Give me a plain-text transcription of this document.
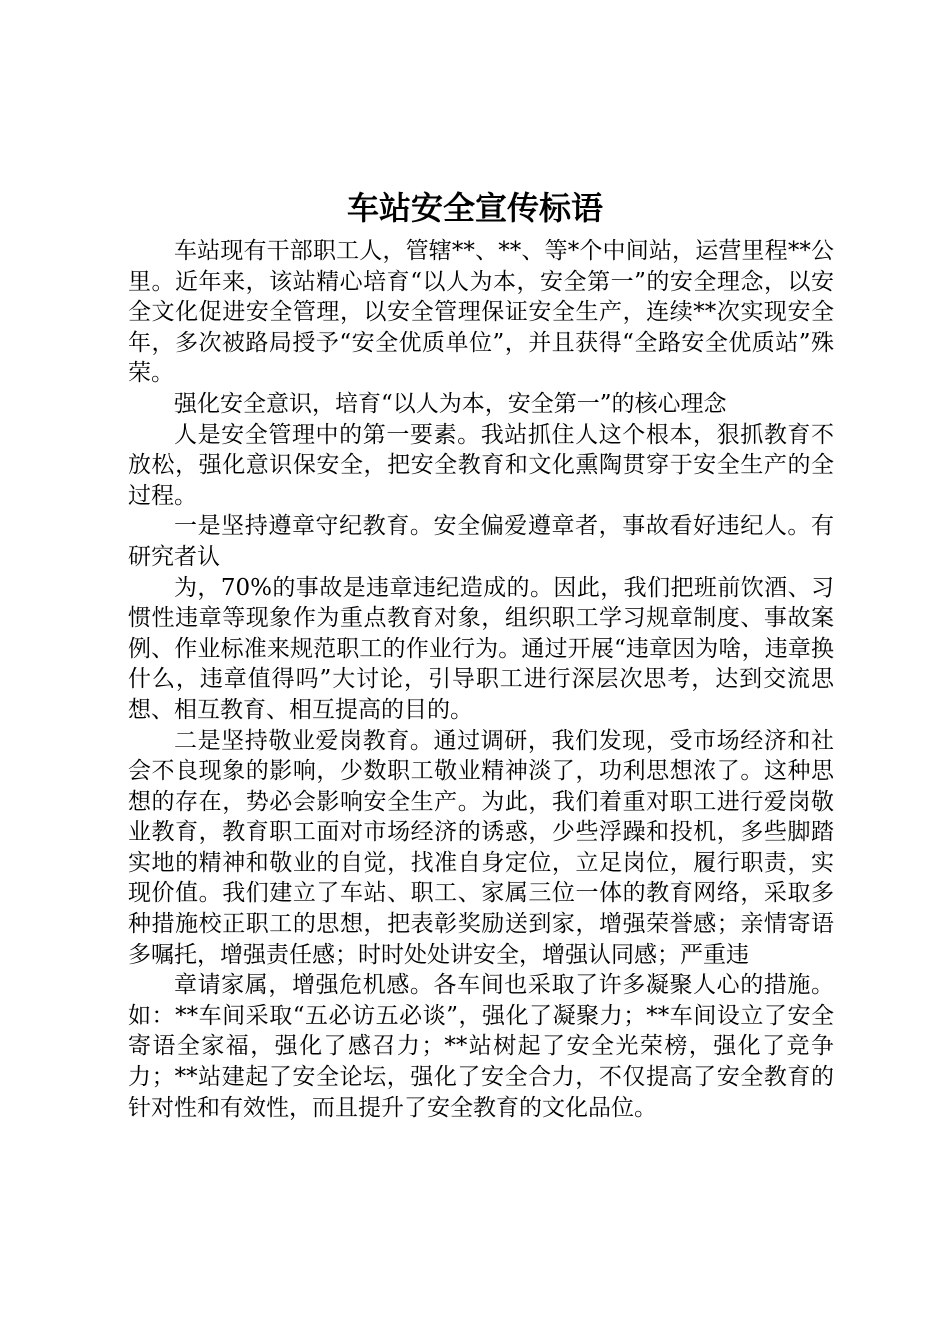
车站安全宣传标语

车站现有干部职工人，管辖**、**、等*个中间站，运营里程**公里。近年来，该站精心培育“以人为本，安全第一”的安全理念，以安全文化促进安全管理，以安全管理保证安全生产，连续**次实现安全年，多次被路局授予“安全优质单位”，并且获得“全路安全优质站”殊荣。

强化安全意识，培育“以人为本，安全第一”的核心理念

人是安全管理中的第一要素。我站抓住人这个根本，狠抓教育不放松，强化意识保安全，把安全教育和文化熏陶贯穿于安全生产的全过程。

一是坚持遵章守纪教育。安全偏爱遵章者，事故看好违纪人。有研究者认

为，70%的事故是违章违纪造成的。因此，我们把班前饮酒、习惯性违章等现象作为重点教育对象，组织职工学习规章制度、事故案例、作业标准来规范职工的作业行为。通过开展“违章因为啥，违章换什么，违章值得吗”大讨论，引导职工进行深层次思考，达到交流思想、相互教育、相互提高的目的。

二是坚持敬业爱岗教育。通过调研，我们发现，受市场经济和社会不良现象的影响，少数职工敬业精神淡了，功利思想浓了。这种思想的存在，势必会影响安全生产。为此，我们着重对职工进行爱岗敬业教育，教育职工面对市场经济的诱惑，少些浮躁和投机，多些脚踏实地的精神和敬业的自觉，找准自身定位，立足岗位，履行职责，实现价值。我们建立了车站、职工、家属三位一体的教育网络，采取多种措施校正职工的思想，把表彰奖励送到家，增强荣誉感；亲情寄语多嘱托，增强责任感；时时处处讲安全，增强认同感；严重违

章请家属，增强危机感。各车间也采取了许多凝聚人心的措施。如：**车间采取“五必访五必谈”，强化了凝聚力；**车间设立了安全寄语全家福，强化了感召力；**站树起了安全光荣榜，强化了竞争力；**站建起了安全论坛，强化了安全合力，不仅提高了安全教育的针对性和有效性，而且提升了安全教育的文化品位。
